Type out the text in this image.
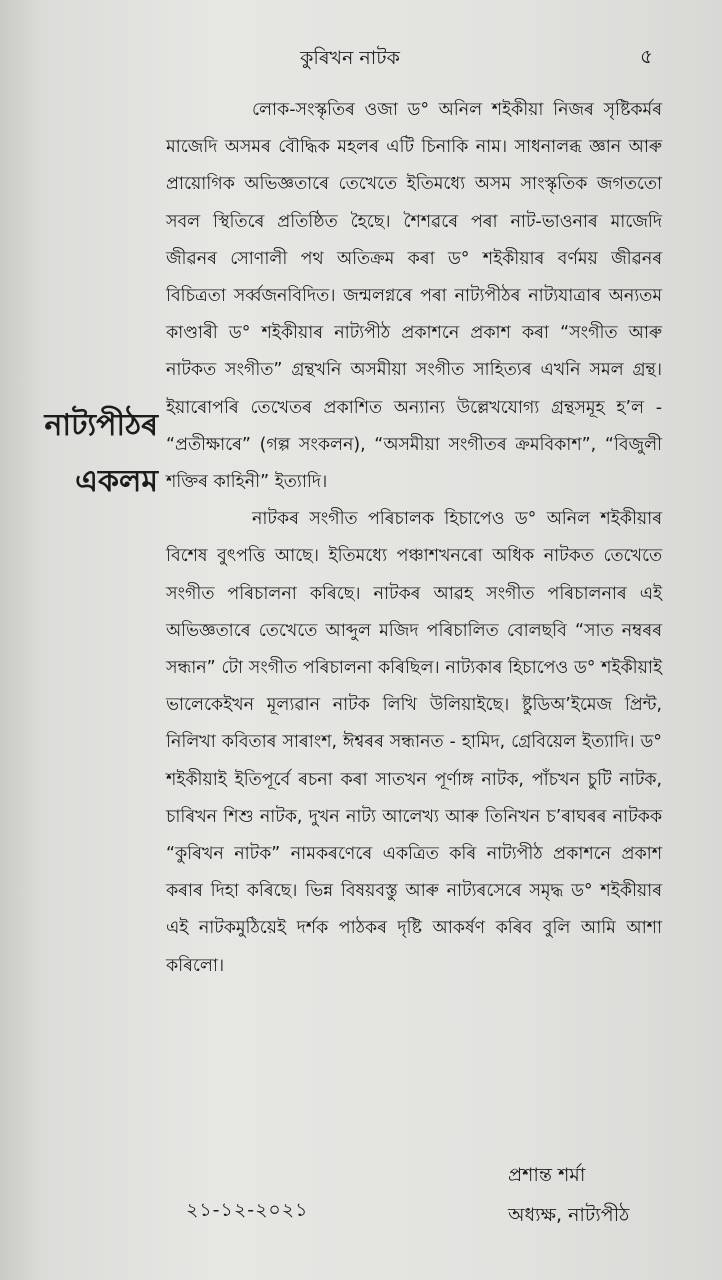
কুৰিখন নাটক	৫
নাট্যপীঠৰ
একলম

লোক-সংস্কৃতিৰ ওজা ড° অনিল শইকীয়া নিজৰ সৃষ্টিকৰ্মৰ মাজেদি অসমৰ বৌদ্ধিক মহলৰ এটি চিনাকি নাম। সাধনালব্ধ জ্ঞান আৰু প্ৰায়োগিক অভিজ্ঞতাৰে তেখেতে ইতিমধ্যে অসম সাংস্কৃতিক জগততো সবল স্থিতিৰে প্ৰতিষ্ঠিত হৈছে। শৈশৱৰে পৰা নাট-ভাওনাৰ মাজেদি জীৱনৰ সোণালী পথ অতিক্ৰম কৰা ড° শইকীয়াৰ বৰ্ণময় জীৱনৰ বিচিত্ৰতা সৰ্ব্বজনবিদিত। জন্মলগ্নৰে পৰা নাট্যপীঠৰ নাট্যযাত্ৰাৰ অন্যতম কাণ্ডাৰী ড° শইকীয়াৰ নাট্যপীঠ প্ৰকাশনে প্ৰকাশ কৰা “সংগীত আৰু নাটকত সংগীত” গ্ৰন্থখনি অসমীয়া সংগীত সাহিত্যৰ এখনি সমল গ্ৰন্থ। ইয়াৰোপৰি তেখেতৰ প্ৰকাশিত অন্যান্য উল্লেখযোগ্য গ্ৰন্থসমূহ হ’ল - “প্ৰতীক্ষাৰে” (গল্প সংকলন), “অসমীয়া সংগীতৰ ক্ৰমবিকাশ”, “বিজুলী শক্তিৰ কাহিনী” ইত্যাদি।

নাটকৰ সংগীত পৰিচালক হিচাপেও ড° অনিল শইকীয়াৰ বিশেষ বুৎপত্তি আছে। ইতিমধ্যে পঞ্চাশখনৰো অধিক নাটকত তেখেতে সংগীত পৰিচালনা কৰিছে। নাটকৰ আৱহ সংগীত পৰিচালনাৰ এই অভিজ্ঞতাৰে তেখেতে আব্দুল মজিদ পৰিচালিত বোলছবি “সাত নম্বৰৰ সন্ধান” টো সংগীত পৰিচালনা কৰিছিল। নাট্যকাৰ হিচাপেও ড° শইকীয়াই ভালেকেইখন মূল্যৱান নাটক লিখি উলিয়াইছে। ষ্টুডিঅ’ইমেজ প্ৰিন্ট, নিলিখা কবিতাৰ সাৰাংশ, ঈশ্বৰৰ সন্ধানত - হামিদ, গ্ৰেবিয়েল ইত্যাদি। ড° শইকীয়াই ইতিপূৰ্বে ৰচনা কৰা সাতখন পূৰ্ণাঙ্গ নাটক, পাঁচখন চুটি নাটক, চাৰিখন শিশু নাটক, দুখন নাট্য আলেখ্য আৰু তিনিখন চ’ৰাঘৰৰ নাটকক “কুৰিখন নাটক” নামকৰণেৰে একত্ৰিত কৰি নাট্যপীঠ প্ৰকাশনে প্ৰকাশ কৰাৰ দিহা কৰিছে। ভিন্ন বিষয়বস্তু আৰু নাট্যৰসেৰে সমৃদ্ধ ড° শইকীয়াৰ এই নাটকমুঠিয়েই দৰ্শক পাঠকৰ দৃষ্টি আকৰ্ষণ কৰিব বুলি আমি আশা কৰিলো।

প্ৰশান্ত শৰ্মা
অধ্যক্ষ, নাট্যপীঠ
২১-১২-২০২১
